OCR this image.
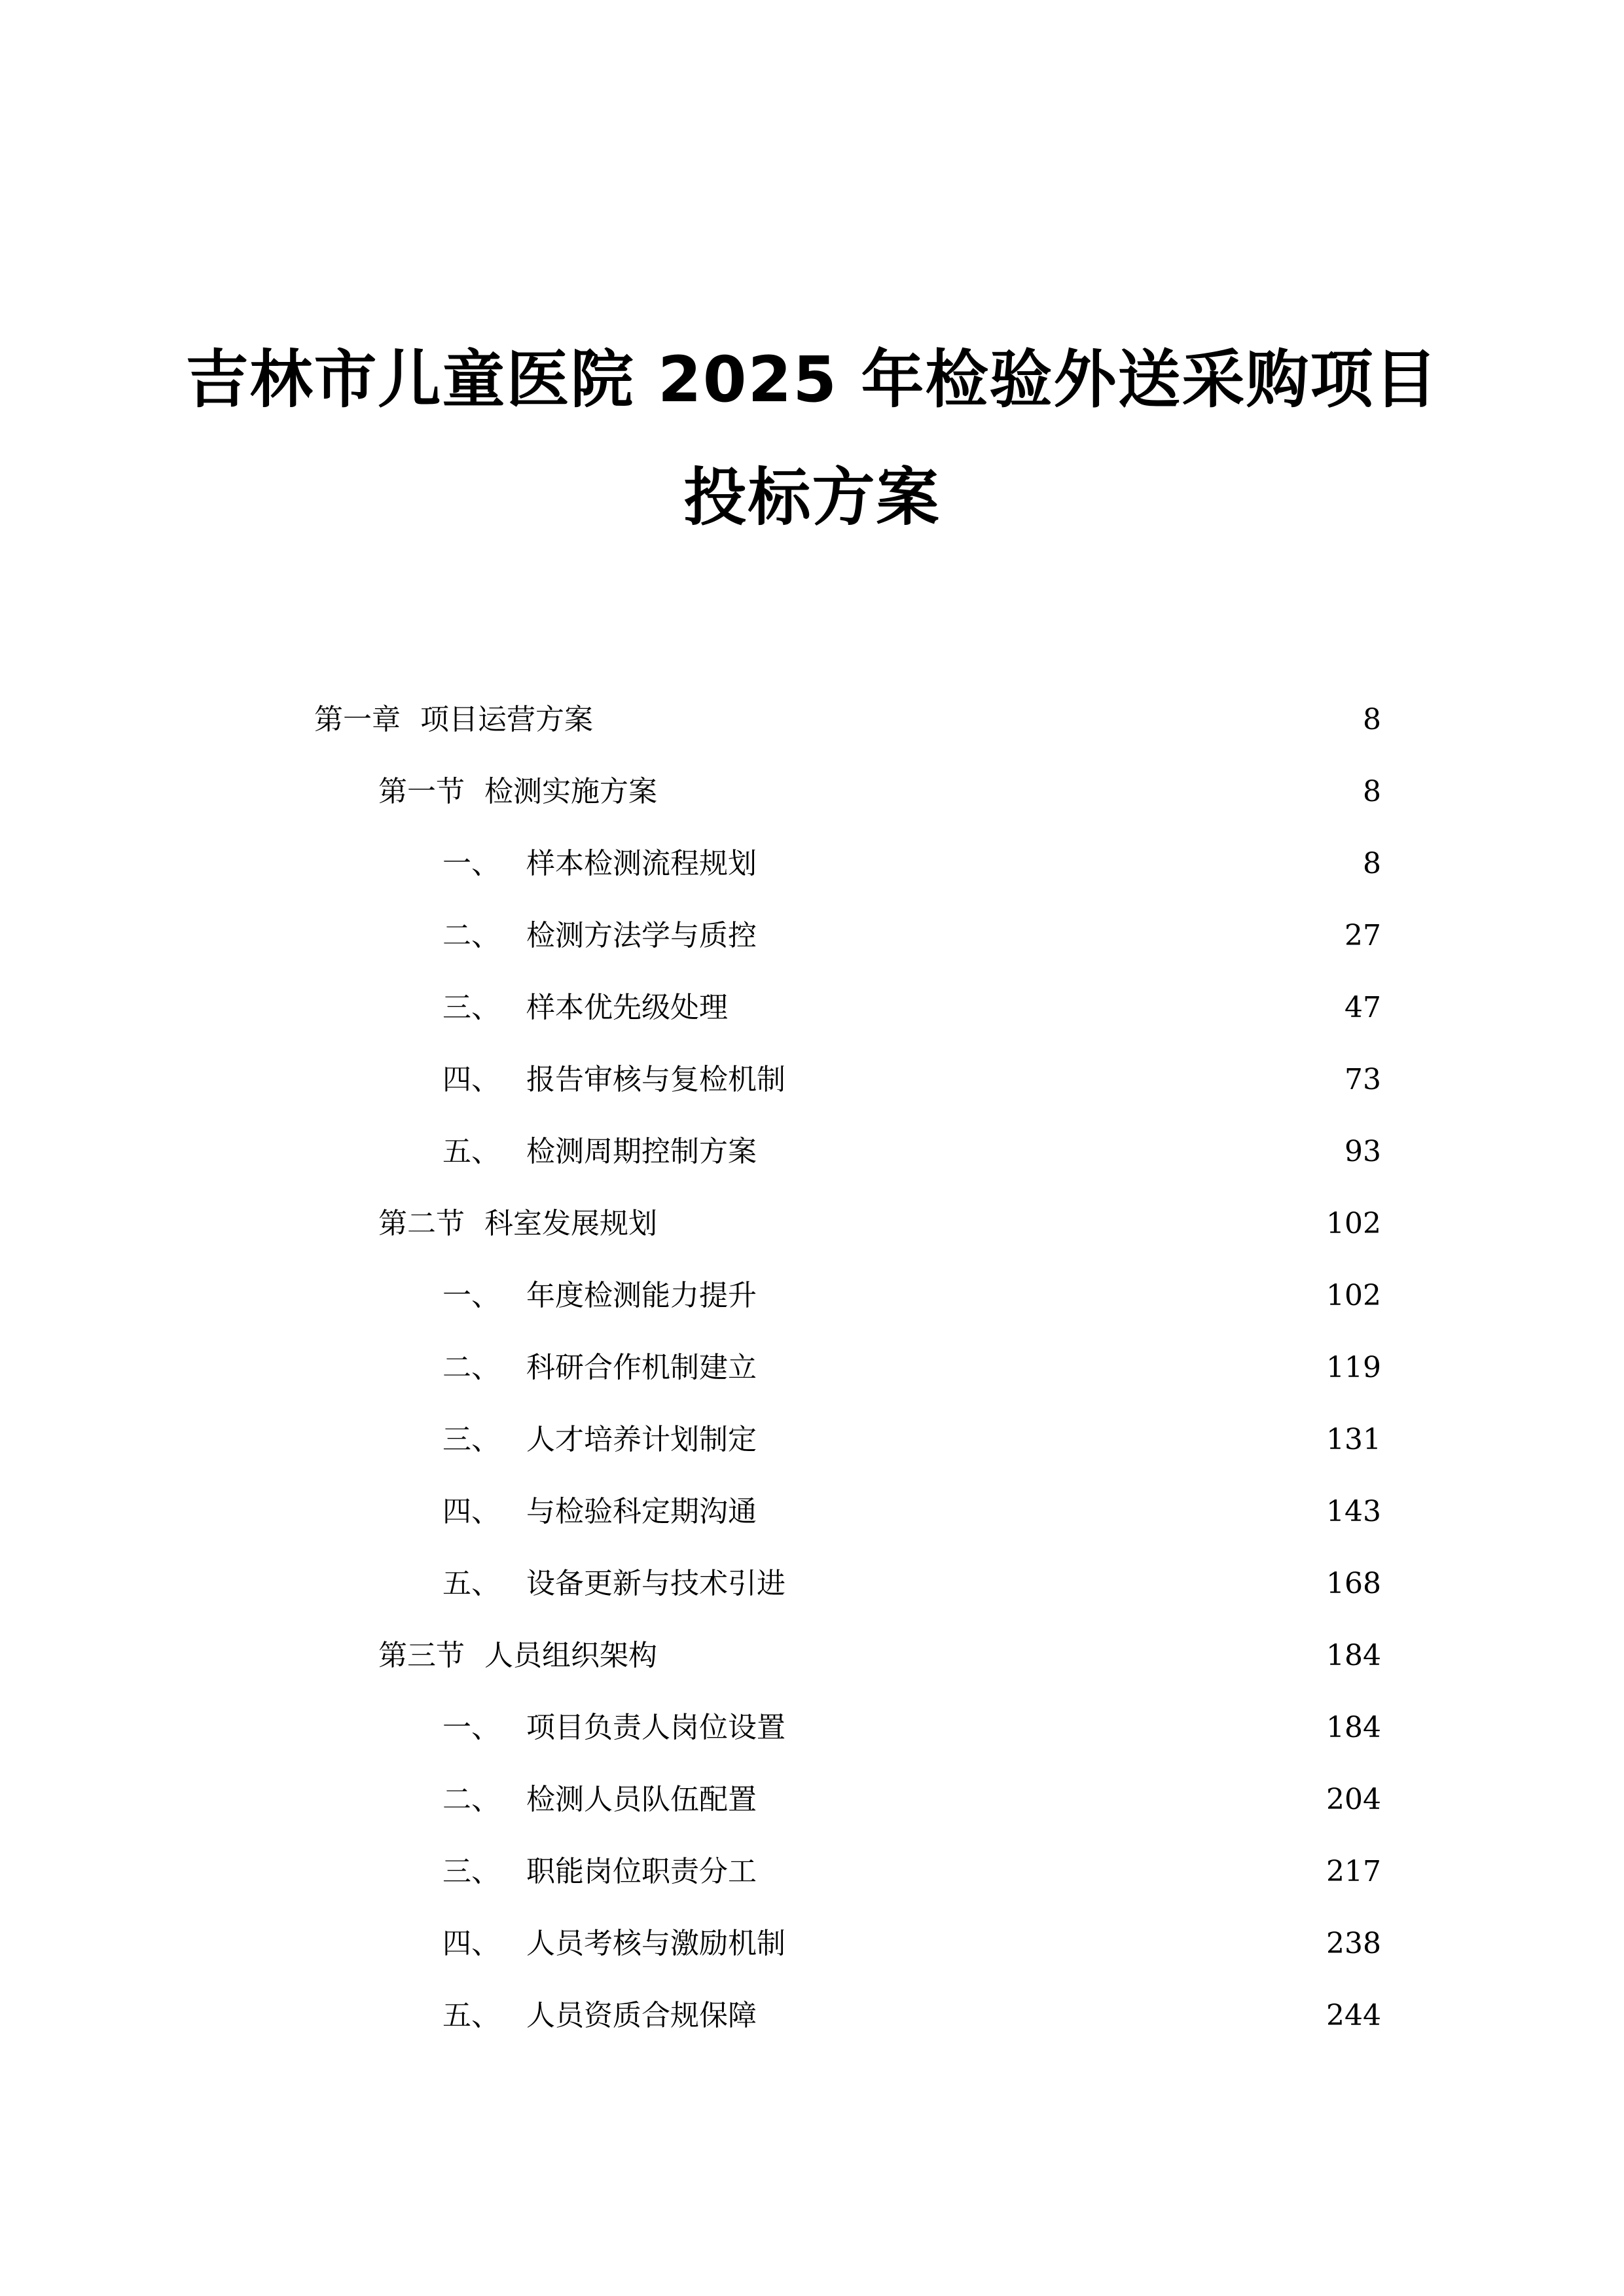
吉林市儿童医院 2025 年检验外送采购项目
投标方案
第一章 项目运营方案	8
第一节 检测实施方案	8
一、 样本检测流程规划	8
二、 检测方法学与质控	27
三、 样本优先级处理	47
四、 报告审核与复检机制	73
五、 检测周期控制方案	93
第二节 科室发展规划	102
一、 年度检测能力提升	102
二、 科研合作机制建立	119
三、 人才培养计划制定	131
四、 与检验科定期沟通	143
五、 设备更新与技术引进	168
第三节 人员组织架构	184
一、 项目负责人岗位设置	184
二、 检测人员队伍配置	204
三、 职能岗位职责分工	217
四、 人员考核与激励机制	238
五、 人员资质合规保障	244
